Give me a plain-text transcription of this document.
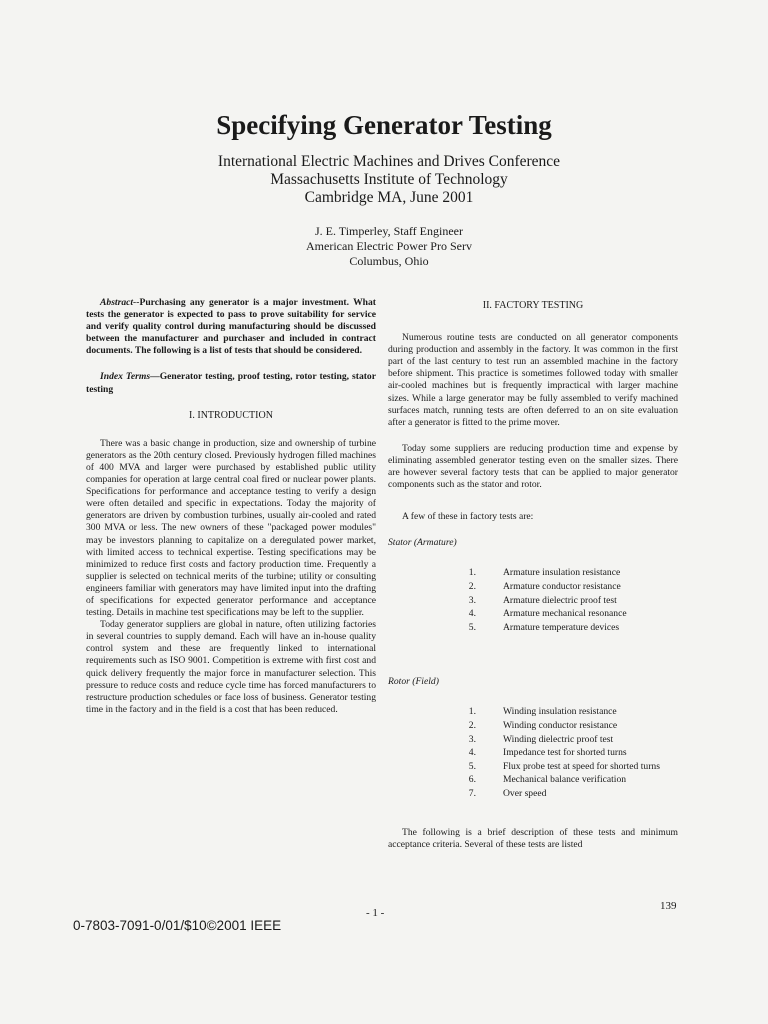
Specifying Generator Testing
International Electric Machines and Drives Conference
Massachusetts Institute of Technology
Cambridge MA, June 2001
J. E. Timperley, Staff Engineer
American Electric Power Pro Serv
Columbus, Ohio

Abstract--Purchasing any generator is a major investment. What tests the generator is expected to pass to prove suitability for service and verify quality control during manufacturing should be discussed between the manufacturer and purchaser and included in contract documents. The following is a list of tests that should be considered.

Index Terms—Generator testing, proof testing, rotor testing, stator testing

I. INTRODUCTION

There was a basic change in production, size and ownership of turbine generators as the 20th century closed. Previously hydrogen filled machines of 400 MVA and larger were purchased by established public utility companies for operation at large central coal fired or nuclear power plants. Specifications for performance and acceptance testing to verify a design were often detailed and specific in expectations. Today the majority of generators are driven by combustion turbines, usually air-cooled and rated 300 MVA or less. The new owners of these "packaged power modules" may be investors planning to capitalize on a deregulated power market, with limited access to technical expertise. Testing specifications may be minimized to reduce first costs and factory production time. Frequently a supplier is selected on technical merits of the turbine; utility or consulting engineers familiar with generators may have limited input into the drafting of specifications for expected generator performance and acceptance testing. Details in machine test specifications may be left to the supplier.

Today generator suppliers are global in nature, often utilizing factories in several countries to supply demand. Each will have an in-house quality control system and these are frequently linked to international requirements such as ISO 9001. Competition is extreme with first cost and quick delivery frequently the major force in manufacturer selection. This pressure to reduce costs and reduce cycle time has forced manufacturers to restructure production schedules or face loss of business. Generator testing time in the factory and in the field is a cost that has been reduced.

II. FACTORY TESTING

Numerous routine tests are conducted on all generator components during production and assembly in the factory. It was common in the first part of the last century to test run an assembled machine in the factory before shipment. This practice is sometimes followed today with smaller air-cooled machines but is frequently impractical with larger machine sizes. While a large generator may be fully assembled to verify machined surfaces match, running tests are often deferred to an on site evaluation after a generator is fitted to the prime mover.

Today some suppliers are reducing production time and expense by eliminating assembled generator testing even on the smaller sizes. There are however several factory tests that can be applied to major generator components such as the stator and rotor.

A few of these in factory tests are:

Stator (Armature)

1.	Armature insulation resistance
2.	Armature conductor resistance
3.	Armature dielectric proof test
4.	Armature mechanical resonance
5.	Armature temperature devices

Rotor (Field)

1.	Winding insulation resistance
2.	Winding conductor resistance
3.	Winding dielectric proof test
4.	Impedance test for shorted turns
5.	Flux probe test at speed for shorted turns
6.	Mechanical balance verification
7.	Over speed

The following is a brief description of these tests and minimum acceptance criteria. Several of these tests are listed

- 1 -
139
0-7803-7091-0/01/$10©2001 IEEE
